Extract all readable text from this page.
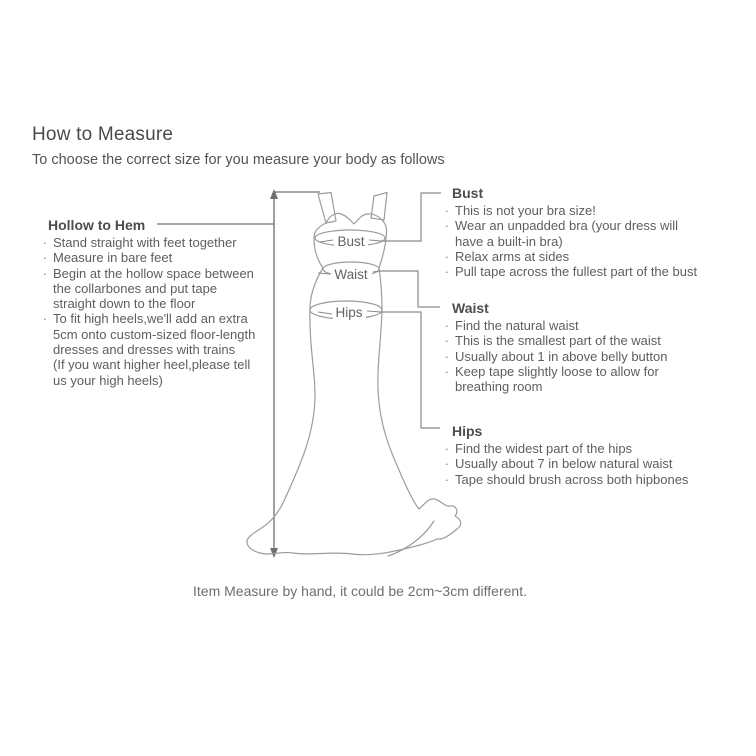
Bust
Waist
Hips
How to Measure
To choose the correct size for you measure your body as follows
Hollow to Hem
. Stand straight with feet together
. Measure in bare feet
. Begin at the hollow space between
the collarbones and put tape
straight down to the floor
. To fit high heels,we'll add an extra
5cm onto custom-sized floor-length
dresses and dresses with trains
(If you want higher heel,please tell
us your high heels)
Bust
. This is not your bra size!
. Wear an unpadded bra (your dress will
have a built-in bra)
. Relax arms at sides
. Pull tape across the fullest part of the bust
Waist
. Find the natural waist
. This is the smallest part of the waist
. Usually about 1 in above belly button
. Keep tape slightly loose to allow for
breathing room
Hips
. Find the widest part of the hips
. Usually about 7 in below natural waist
. Tape should brush across both hipbones
Item Measure by hand, it could be 2cm~3cm different.
